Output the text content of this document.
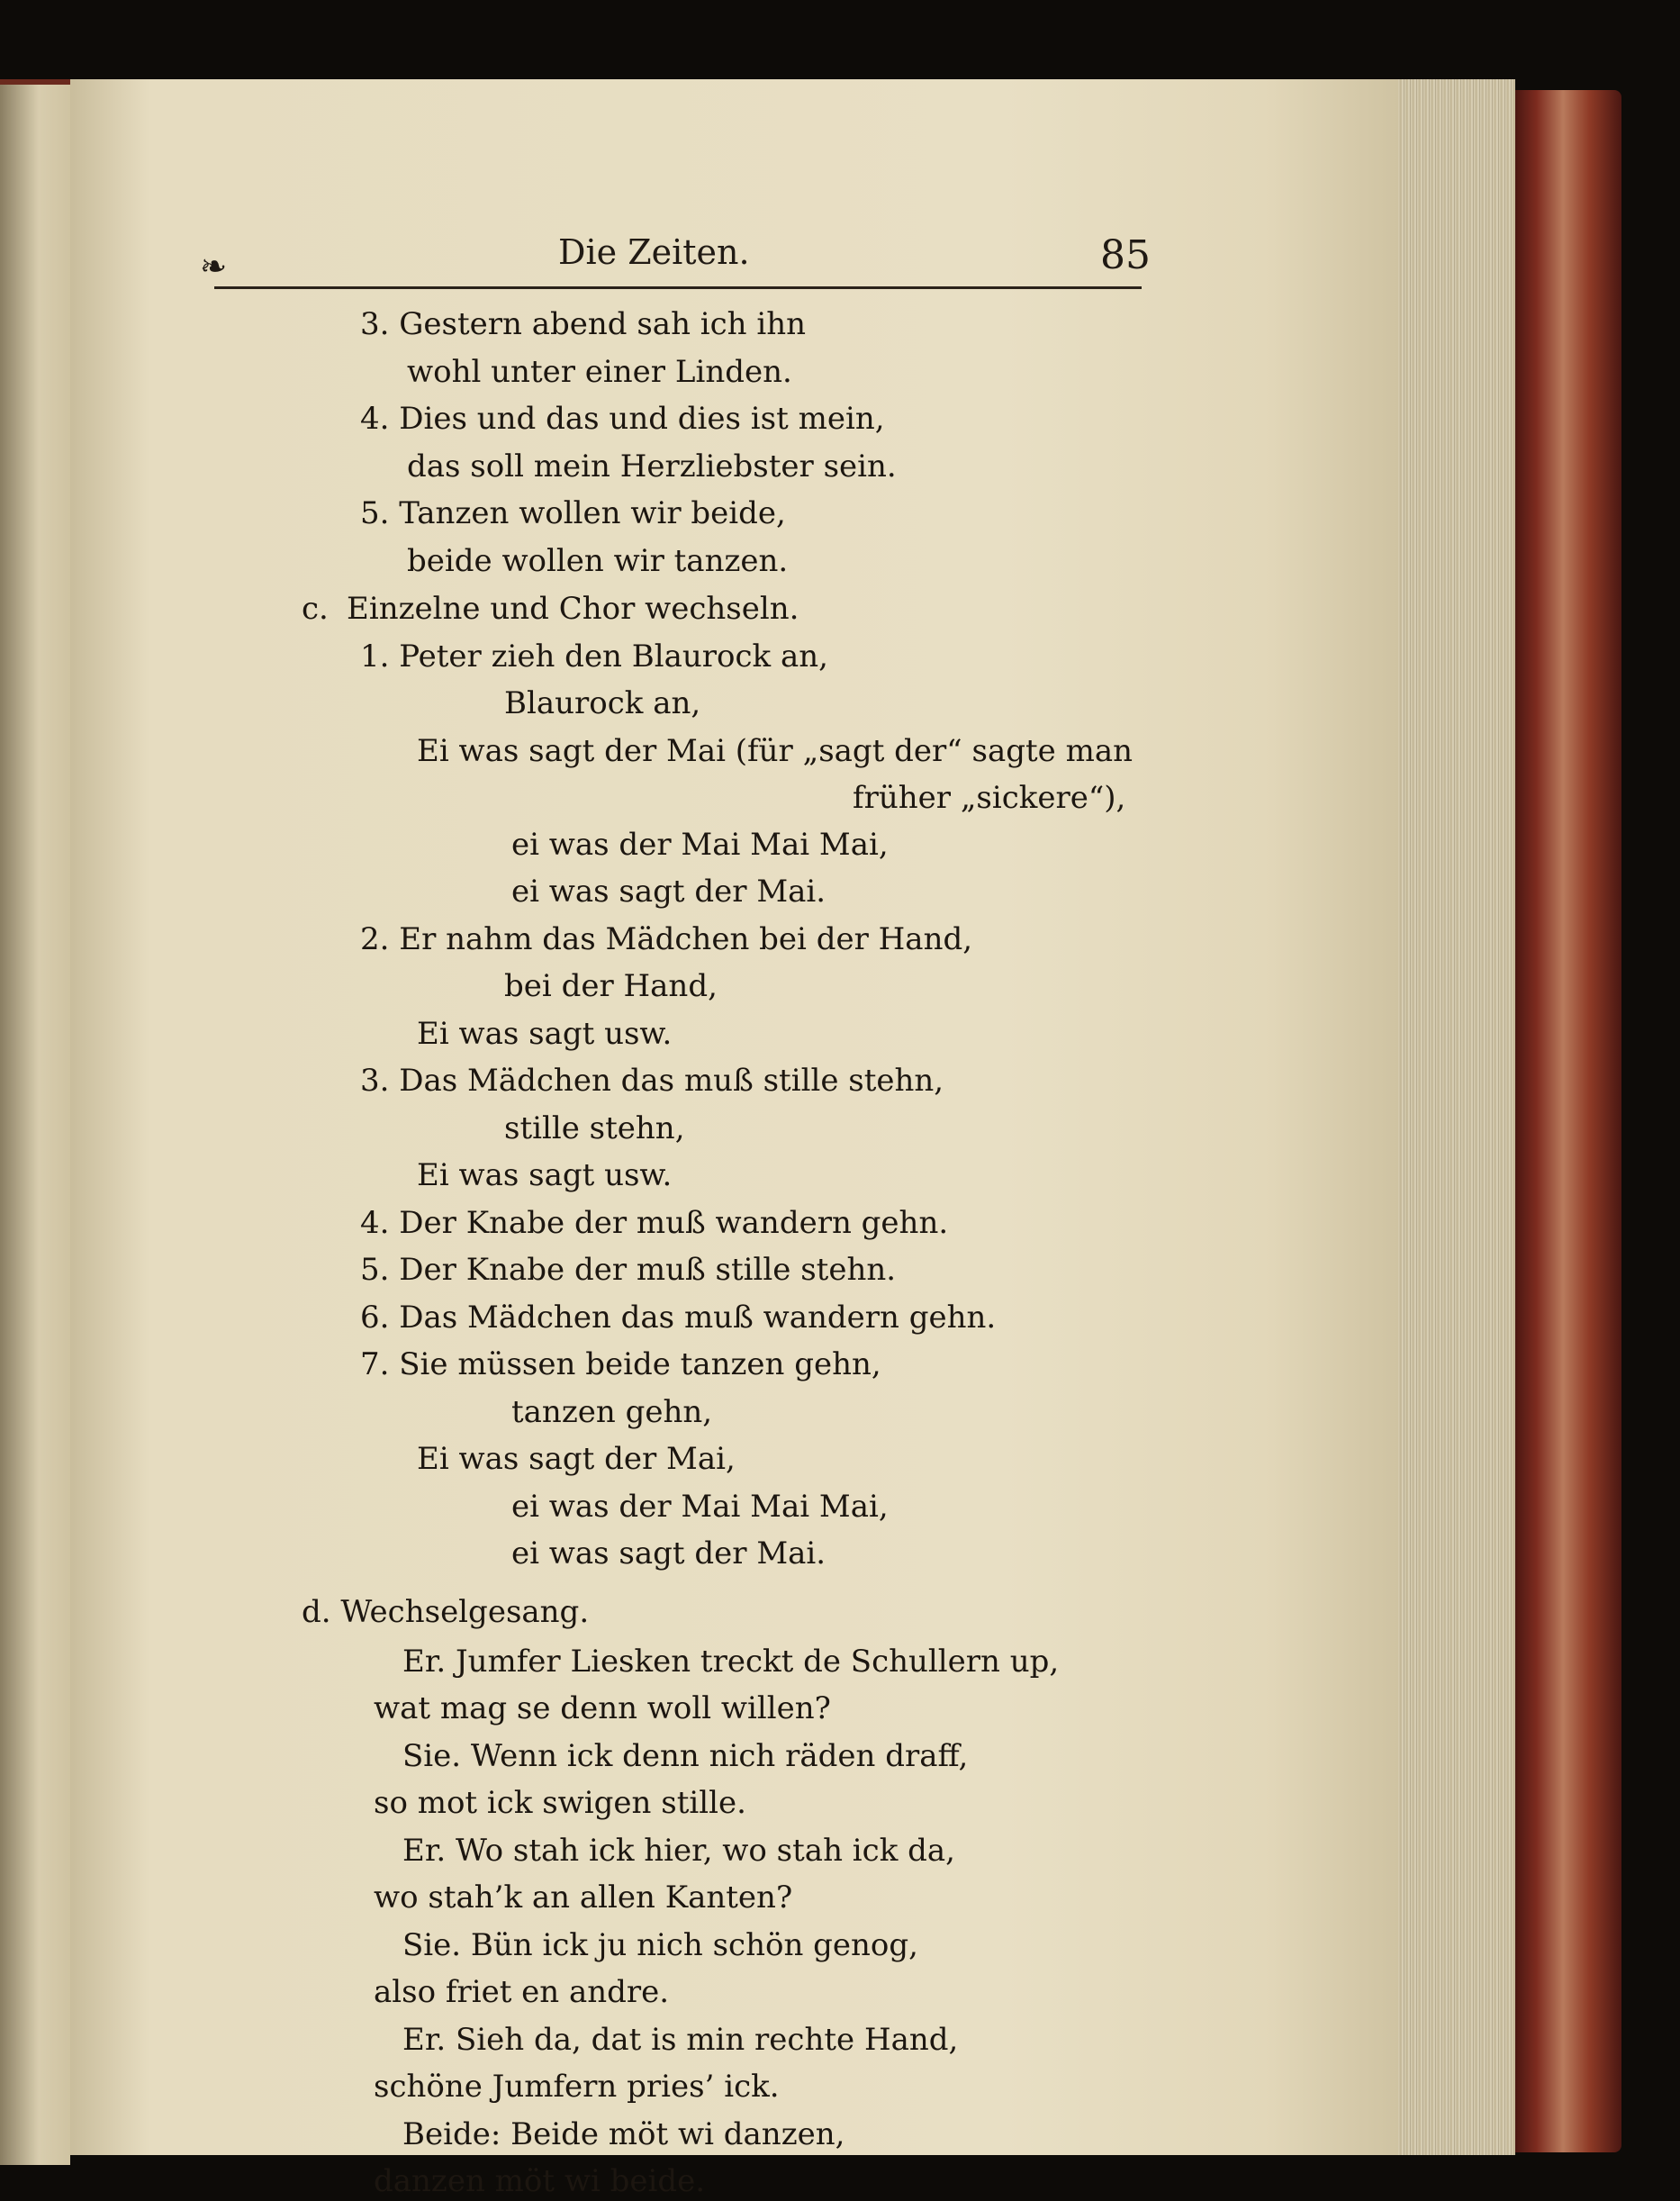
❧	Die Zeiten.	85
3. Gestern abend sah ich ihn
wohl unter einer Linden.
4. Dies und das und dies ist mein,
das soll mein Herzliebster sein.
5. Tanzen wollen wir beide,
beide wollen wir tanzen.
c. Einzelne und Chor wechseln.
1. Peter zieh den Blaurock an,
Blaurock an,
Ei was sagt der Mai (für „sagt der“ sagte man
früher „sickere“),
ei was der Mai Mai Mai,
ei was sagt der Mai.
2. Er nahm das Mädchen bei der Hand,
bei der Hand,
Ei was sagt usw.
3. Das Mädchen das muß stille stehn,
stille stehn,
Ei was sagt usw.
4. Der Knabe der muß wandern gehn.
5. Der Knabe der muß stille stehn.
6. Das Mädchen das muß wandern gehn.
7. Sie müssen beide tanzen gehn,
tanzen gehn,
Ei was sagt der Mai,
ei was der Mai Mai Mai,
ei was sagt der Mai.
d. Wechselgesang.
Er. Jumfer Liesken treckt de Schullern up,
wat mag se denn woll willen?
Sie. Wenn ick denn nich räden draff,
so mot ick swigen stille.
Er. Wo stah ick hier, wo stah ick da,
wo stah’k an allen Kanten?
Sie. Bün ick ju nich schön genog,
also friet en andre.
Er. Sieh da, dat is min rechte Hand,
schöne Jumfern pries’ ick.
Beide: Beide möt wi danzen,
danzen möt wi beide.
